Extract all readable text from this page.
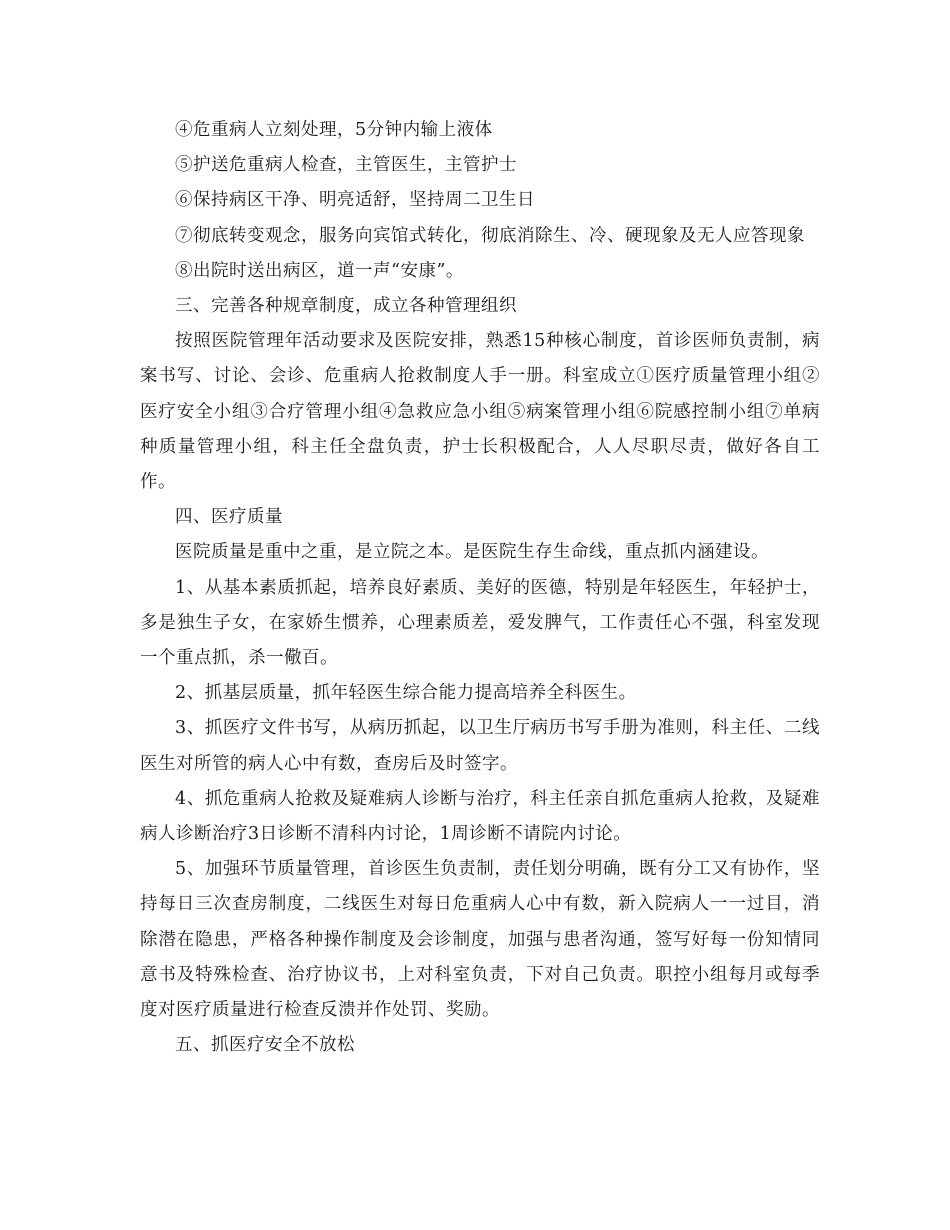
④危重病人立刻处理，5分钟内输上液体

⑤护送危重病人检查，主管医生，主管护士

⑥保持病区干净、明亮适舒，坚持周二卫生日

⑦彻底转变观念，服务向宾馆式转化，彻底消除生、冷、硬现象及无人应答现象

⑧出院时送出病区，道一声“安康”。

三、完善各种规章制度，成立各种管理组织

按照医院管理年活动要求及医院安排，熟悉15种核心制度，首诊医师负责制，病案书写、讨论、会诊、危重病人抢救制度人手一册。科室成立①医疗质量管理小组②医疗安全小组③合疗管理小组④急救应急小组⑤病案管理小组⑥院感控制小组⑦单病种质量管理小组，科主任全盘负责，护士长积极配合，人人尽职尽责，做好各自工作。

四、医疗质量

医院质量是重中之重，是立院之本。是医院生存生命线，重点抓内涵建设。

1、从基本素质抓起，培养良好素质、美好的医德，特别是年轻医生，年轻护士，多是独生子女，在家娇生惯养，心理素质差，爱发脾气，工作责任心不强，科室发现一个重点抓，杀一儆百。

2、抓基层质量，抓年轻医生综合能力提高培养全科医生。

3、抓医疗文件书写，从病历抓起，以卫生厅病历书写手册为准则，科主任、二线医生对所管的病人心中有数，查房后及时签字。

4、抓危重病人抢救及疑难病人诊断与治疗，科主任亲自抓危重病人抢救，及疑难病人诊断治疗3日诊断不清科内讨论，1周诊断不请院内讨论。

5、加强环节质量管理，首诊医生负责制，责任划分明确，既有分工又有协作，坚持每日三次查房制度，二线医生对每日危重病人心中有数，新入院病人一一过目，消除潜在隐患，严格各种操作制度及会诊制度，加强与患者沟通，签写好每一份知情同意书及特殊检查、治疗协议书，上对科室负责，下对自己负责。职控小组每月或每季度对医疗质量进行检查反溃并作处罚、奖励。

五、抓医疗安全不放松
